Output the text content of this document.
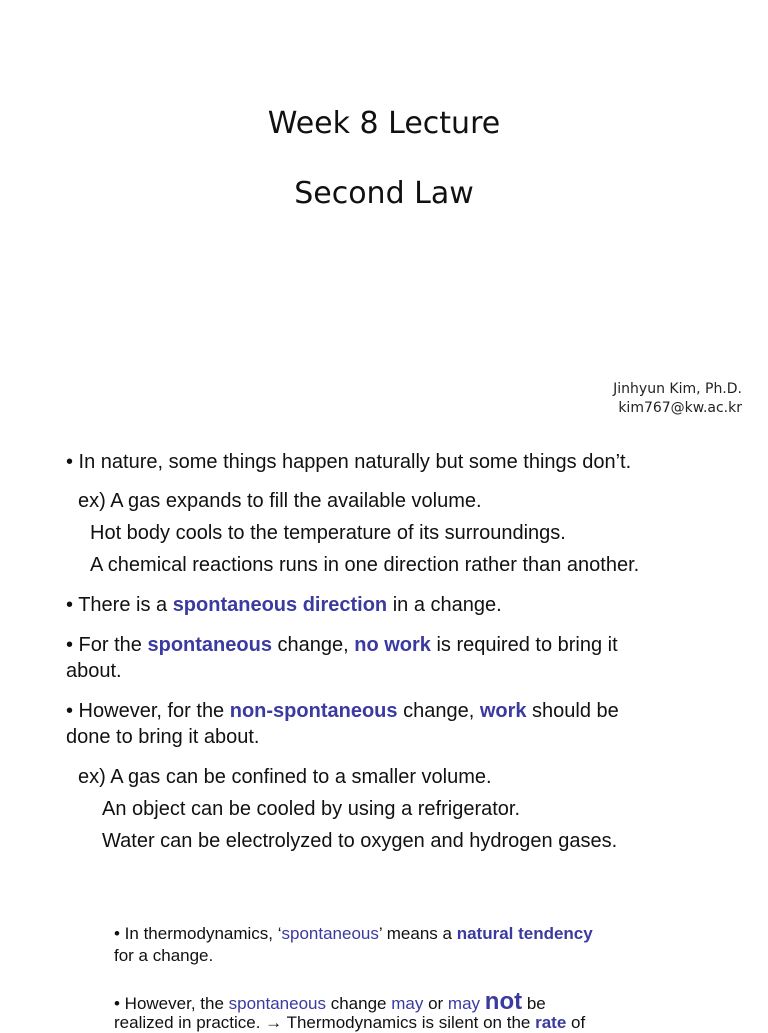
Week 8 Lecture
Second Law
Jinhyun Kim, Ph.D.
kim767@kw.ac.kr
• In nature, some things happen naturally but some things don’t.
ex) A gas expands to fill the available volume.
Hot body cools to the temperature of its surroundings.
A chemical reactions runs in one direction rather than another.
• There is a spontaneous direction in a change.
• For the spontaneous change, no work is required to bring it
about.
• However, for the non-spontaneous change, work should be
done to bring it about.
ex) A gas can be confined to a smaller volume.
An object can be cooled by using a refrigerator.
Water can be electrolyzed to oxygen and hydrogen gases.
• In thermodynamics, ‘spontaneous’ means a natural tendency
for a change.
• However, the spontaneous change may or may not be
realized in practice. → Thermodynamics is silent on the rate of
